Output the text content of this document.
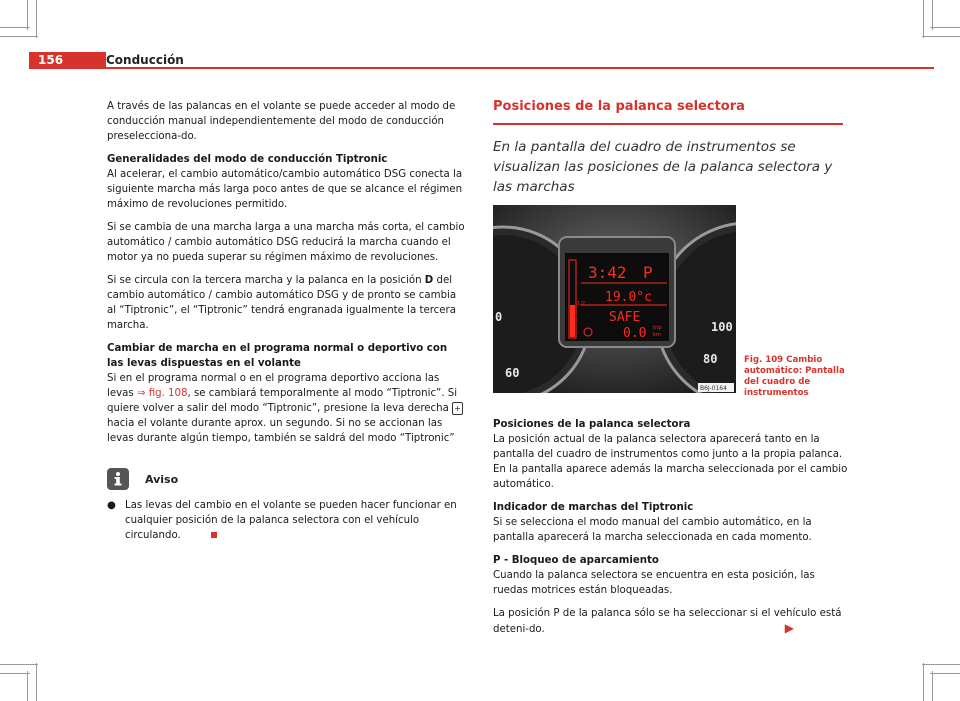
156	Conducción

A través de las palancas en el volante se puede acceder al modo de conducción manual independientemente del modo de conducción preselecciona-do.

Generalidades del modo de conducción Tiptronic

Al acelerar, el cambio automático/cambio automático DSG conecta la siguiente marcha más larga poco antes de que se alcance el régimen máximo de revoluciones permitido.

Si se cambia de una marcha larga a una marcha más corta, el cambio automático / cambio automático DSG reducirá la marcha cuando el motor ya no pueda superar su régimen máximo de revoluciones.

Si se circula con la tercera marcha y la palanca en la posición D del cambio automático / cambio automático DSG y de pronto se cambia al “Tiptronic”, el “Tiptronic” tendrá engranada igualmente la tercera marcha.

Cambiar de marcha en el programa normal o deportivo con las levas dispuestas en el volante

Si en el programa normal o en el programa deportivo acciona las levas ⇒ fig. 108, se cambiará temporalmente al modo “Tiptronic”. Si quiere volver a salir del modo “Tiptronic”, presione la leva derecha + hacia el volante durante aprox. un segundo. Si no se accionan las levas durante algún tiempo, también se saldrá del modo “Tiptronic”

Aviso
● Las levas del cambio en el volante se pueden hacer funcionar en cualquier posición de la palanca selectora con el vehículo circulando.

Posiciones de la palanca selectora

En la pantalla del cuadro de instrumentos se visualizan las posiciones de la palanca selectora y las marchas

60
0
100
80
1/2
3:42 P
19.0°c
SAFE
0.0 trip
km
B6J-0164
Fig. 109 Cambio automático: Pantalla del cuadro de instrumentos

Posiciones de la palanca selectora

La posición actual de la palanca selectora aparecerá tanto en la pantalla del cuadro de instrumentos como junto a la propia palanca. En la pantalla aparece además la marcha seleccionada por el cambio automático.

Indicador de marchas del Tiptronic

Si se selecciona el modo manual del cambio automático, en la pantalla aparecerá la marcha seleccionada en cada momento.

P - Bloqueo de aparcamiento

Cuando la palanca selectora se encuentra en esta posición, las ruedas motrices están bloqueadas.

La posición P de la palanca sólo se ha seleccionar si el vehículo está deteni-do.	▶
